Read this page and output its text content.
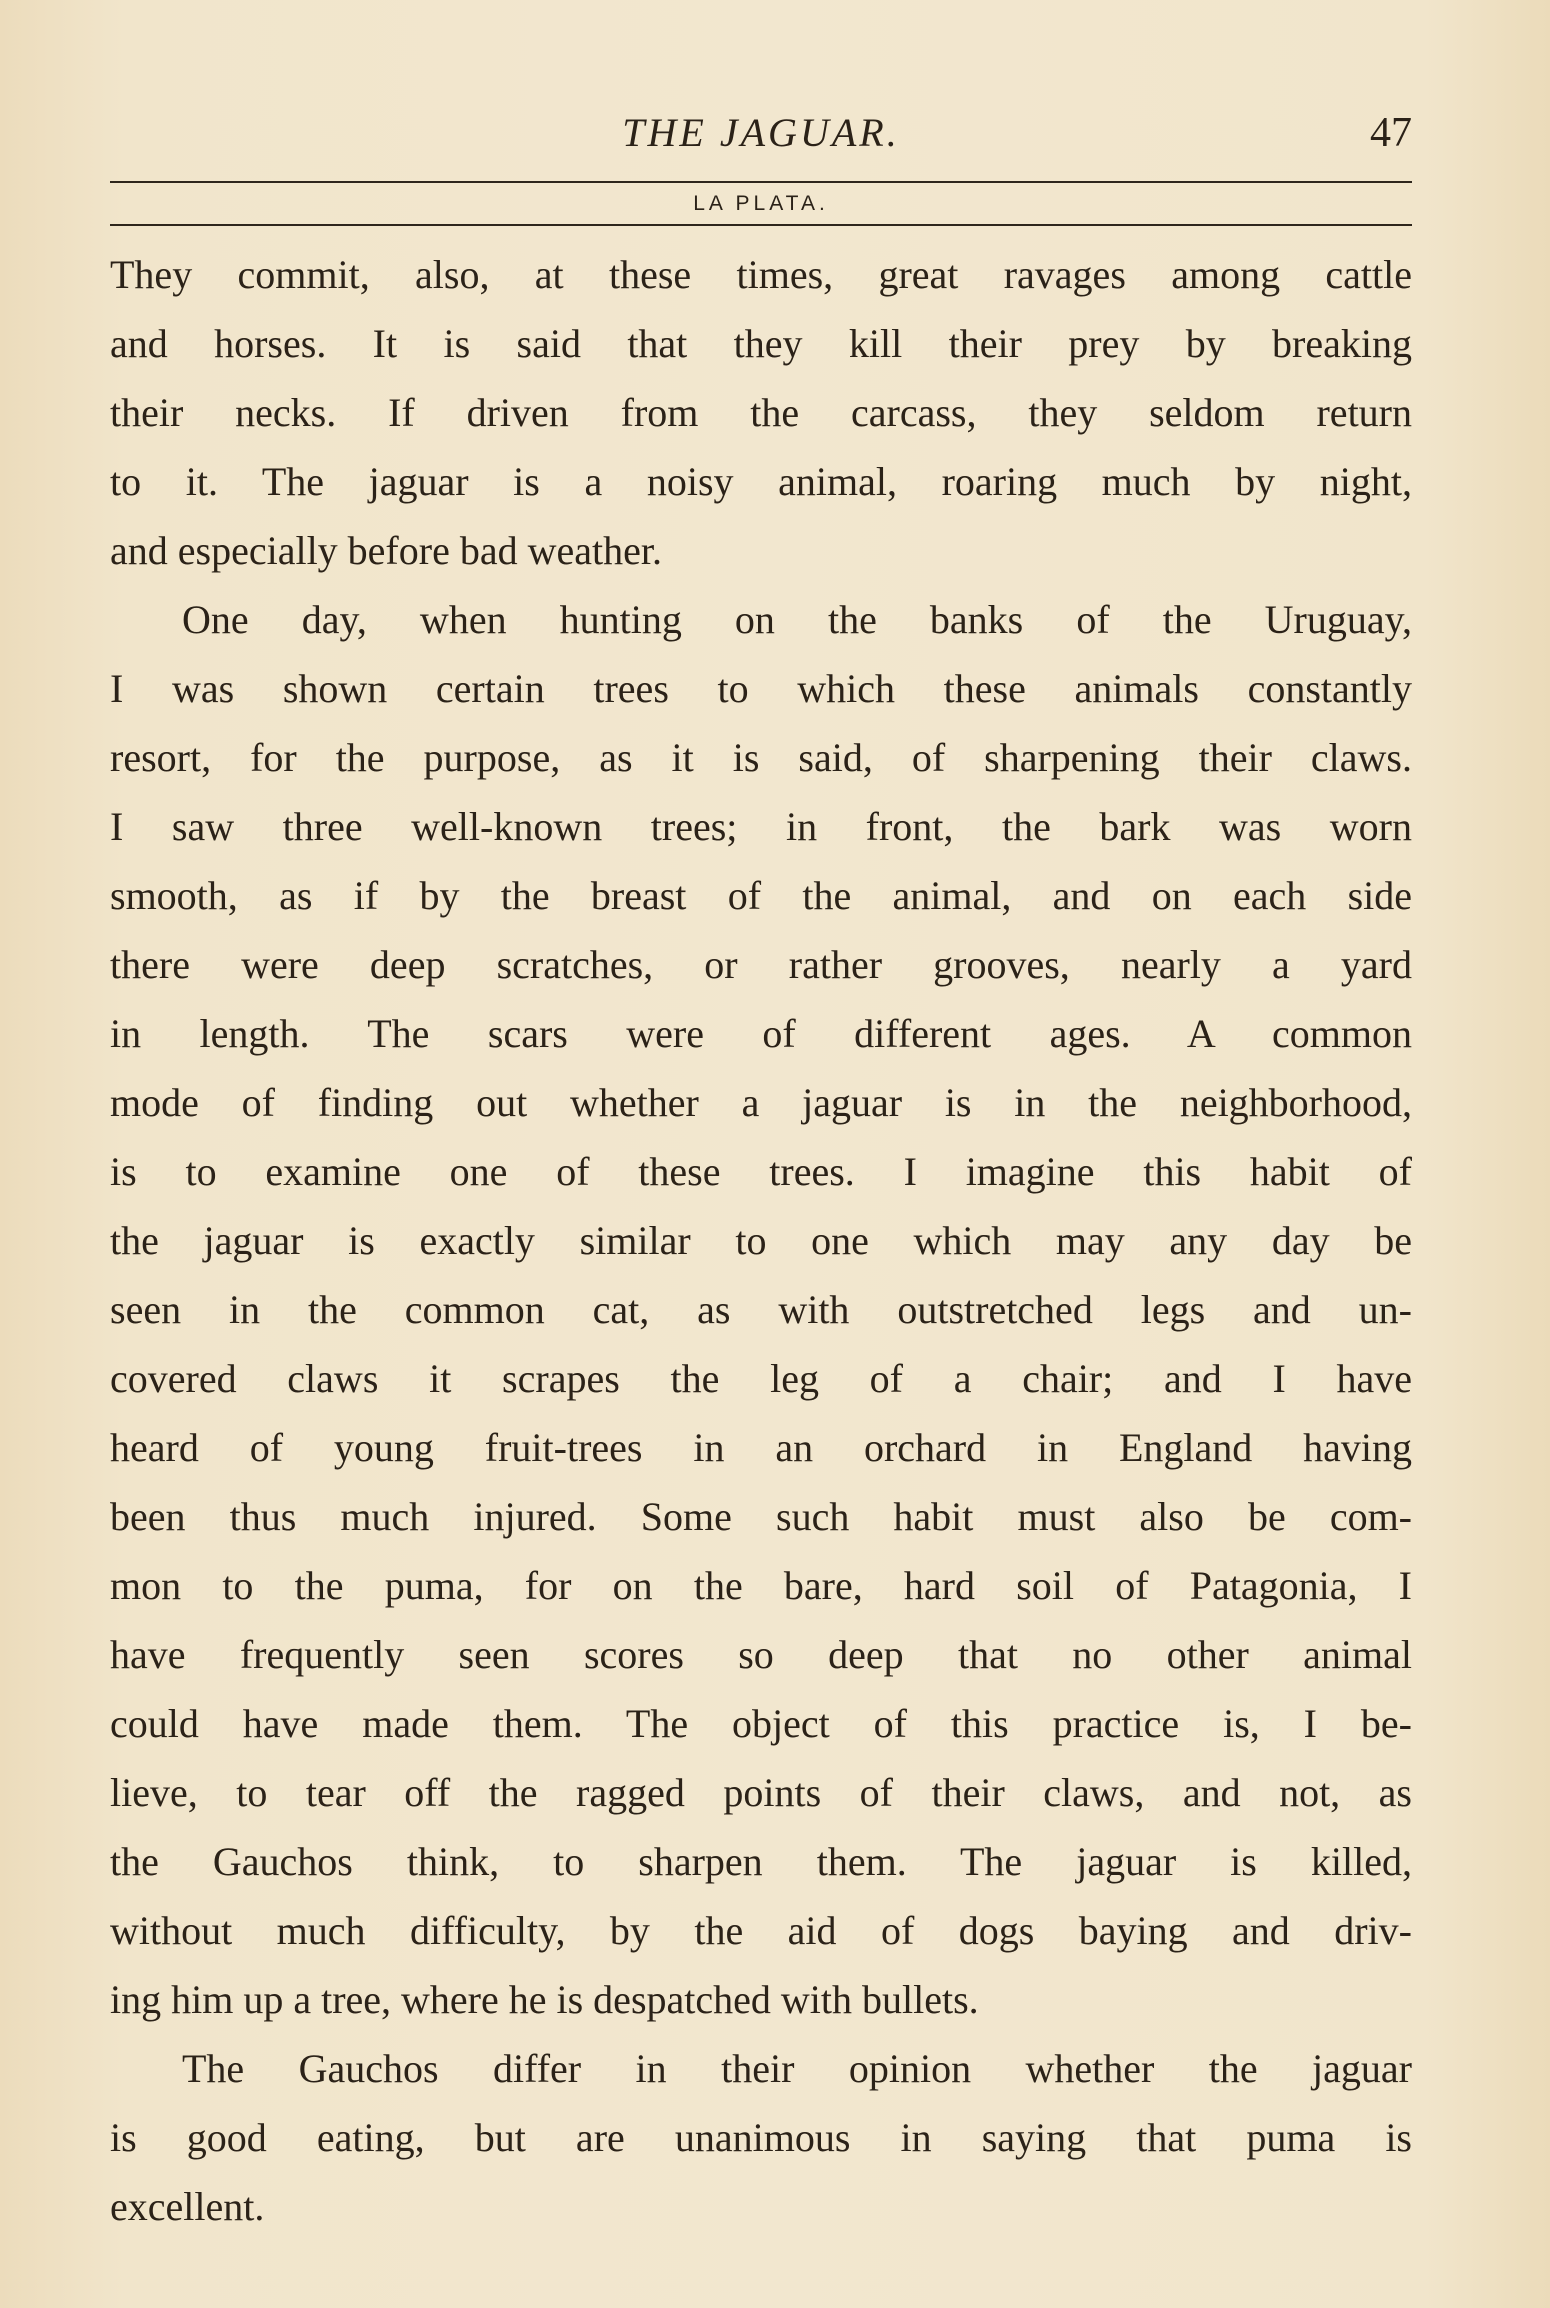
THE JAGUAR.	47
LA PLATA.
They commit, also, at these times, great ravages among cattle
and horses. It is said that they kill their prey by breaking
their necks. If driven from the carcass, they seldom return
to it. The jaguar is a noisy animal, roaring much by night,
and especially before bad weather.
One day, when hunting on the banks of the Uruguay,
I was shown certain trees to which these animals constantly
resort, for the purpose, as it is said, of sharpening their claws.
I saw three well-known trees; in front, the bark was worn
smooth, as if by the breast of the animal, and on each side
there were deep scratches, or rather grooves, nearly a yard
in length. The scars were of different ages. A common
mode of finding out whether a jaguar is in the neighborhood,
is to examine one of these trees. I imagine this habit of
the jaguar is exactly similar to one which may any day be
seen in the common cat, as with outstretched legs and un-
covered claws it scrapes the leg of a chair; and I have
heard of young fruit-trees in an orchard in England having
been thus much injured. Some such habit must also be com-
mon to the puma, for on the bare, hard soil of Patagonia, I
have frequently seen scores so deep that no other animal
could have made them. The object of this practice is, I be-
lieve, to tear off the ragged points of their claws, and not, as
the Gauchos think, to sharpen them. The jaguar is killed,
without much difficulty, by the aid of dogs baying and driv-
ing him up a tree, where he is despatched with bullets.
The Gauchos differ in their opinion whether the jaguar
is good eating, but are unanimous in saying that puma is
excellent.
